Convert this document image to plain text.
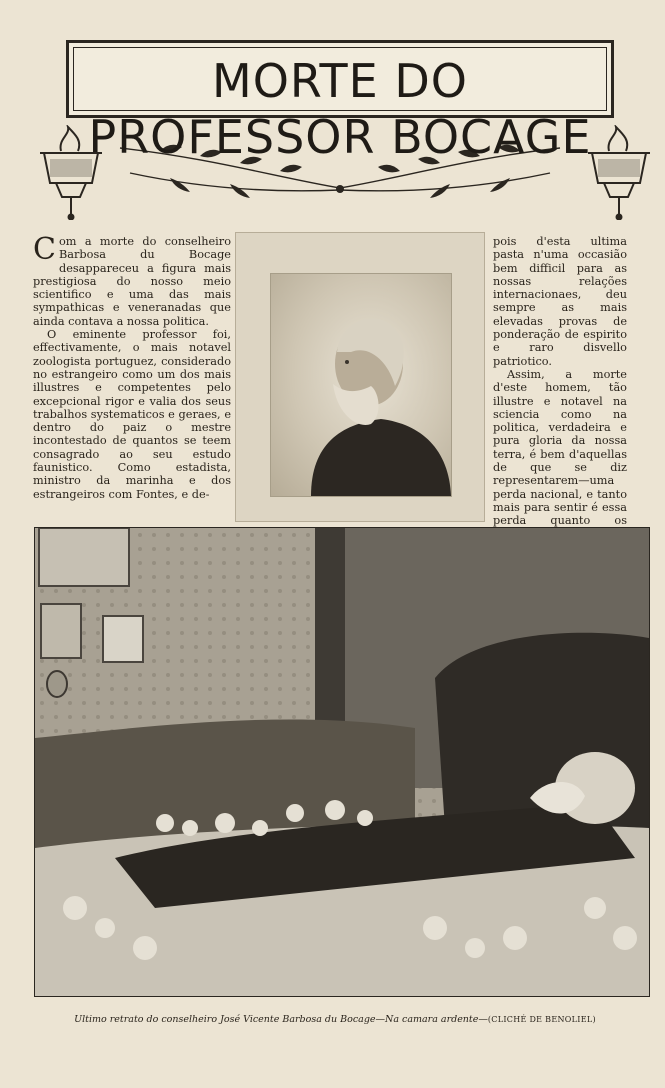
MORTE DO PROFESSOR BOCAGE

Com a morte do conselheiro Barbosa du Bocage desappareceu a figura mais prestigiosa do nosso meio scientifico e uma das mais sympathicas e veneranadas que ainda contava a nossa politica.

O eminente professor foi, effectivamente, o mais notavel zoologista portuguez, considerado no estrangeiro como um dos mais illustres e competentes pelo excepcional rigor e valia dos seus trabalhos systematicos e geraes, e dentro do paiz o mestre incontestado de quantos se teem consagrado ao seu estudo faunistico. Como estadista, ministro da marinha e dos estrangeiros com Fontes, e de-

pois d'esta ultima pasta n'uma occasião bem difficil para as nossas relações internacionaes, deu sempre as mais elevadas provas de ponderação de espirito e raro disvello patriotico.

Assim, a morte d'este homem, tão illustre e notavel na sciencia como na politica, verdadeira e pura gloria da nossa terra, é bem d'aquellas de que se diz representarem—uma perda nacional, e tanto mais para sentir é essa perda quanto os

Ultimo retrato do conselheiro José Vicente Barbosa du Bocage—Na camara ardente—(CLICHÉ DE BENOLIEL)
